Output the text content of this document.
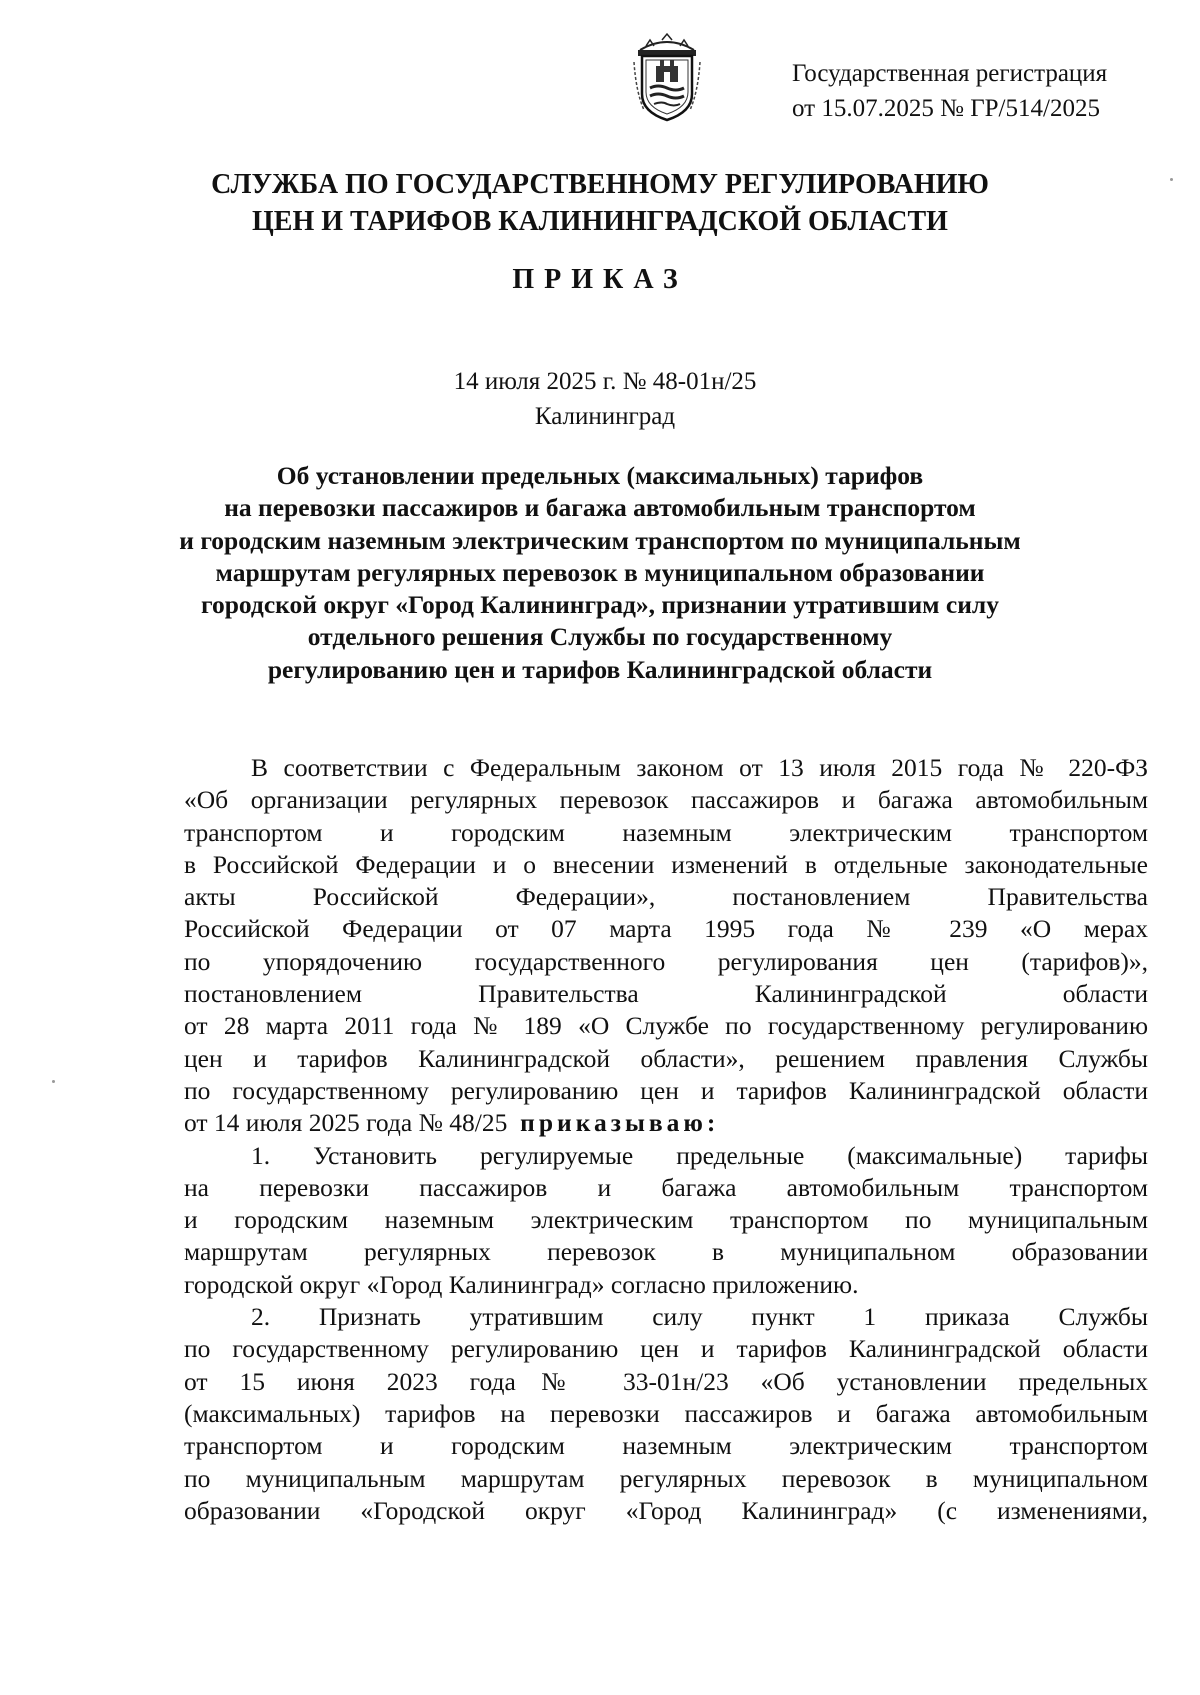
Государственная регистрация
от 15.07.2025 № ГР/514/2025
СЛУЖБА ПО ГОСУДАРСТВЕННОМУ РЕГУЛИРОВАНИЮ
ЦЕН И ТАРИФОВ КАЛИНИНГРАДСКОЙ ОБЛАСТИ
ПРИКАЗ
14 июля 2025 г. № 48-01н/25
Калининград
Об установлении предельных (максимальных) тарифов
на перевозки пассажиров и багажа автомобильным транспортом
и городским наземным электрическим транспортом по муниципальным
маршрутам регулярных перевозок в муниципальном образовании
городской округ «Город Калининград», признании утратившим силу
отдельного решения Службы по государственному
регулированию цен и тарифов Калининградской области
В соответствии с Федеральным законом от 13 июля 2015 года № 220-ФЗ
«Об организации регулярных перевозок пассажиров и багажа автомобильным
транспортом и городским наземным электрическим транспортом
в Российской Федерации и о внесении изменений в отдельные законодательные
акты Российской Федерации», постановлением Правительства
Российской Федерации от 07 марта 1995 года № 239 «О мерах
по упорядочению государственного регулирования цен (тарифов)»,
постановлением Правительства Калининградской области
от 28 марта 2011 года № 189 «О Службе по государственному регулированию
цен и тарифов Калининградской области», решением правления Службы
по государственному регулированию цен и тарифов Калининградской области
от 14 июля 2025 года № 48/25 приказываю:
1. Установить регулируемые предельные (максимальные) тарифы
на перевозки пассажиров и багажа автомобильным транспортом
и городским наземным электрическим транспортом по муниципальным
маршрутам регулярных перевозок в муниципальном образовании
городской округ «Город Калининград» согласно приложению.
2. Признать утратившим силу пункт 1 приказа Службы
по государственному регулированию цен и тарифов Калининградской области
от 15 июня 2023 года№ 33-01н/23 «Об установлении предельных
(максимальных) тарифов на перевозки пассажиров и багажа автомобильным
транспортом и городским наземным электрическим транспортом
по муниципальным маршрутам регулярных перевозок в муниципальном
образовании «Городской округ «Город Калининград» (с изменениями,
